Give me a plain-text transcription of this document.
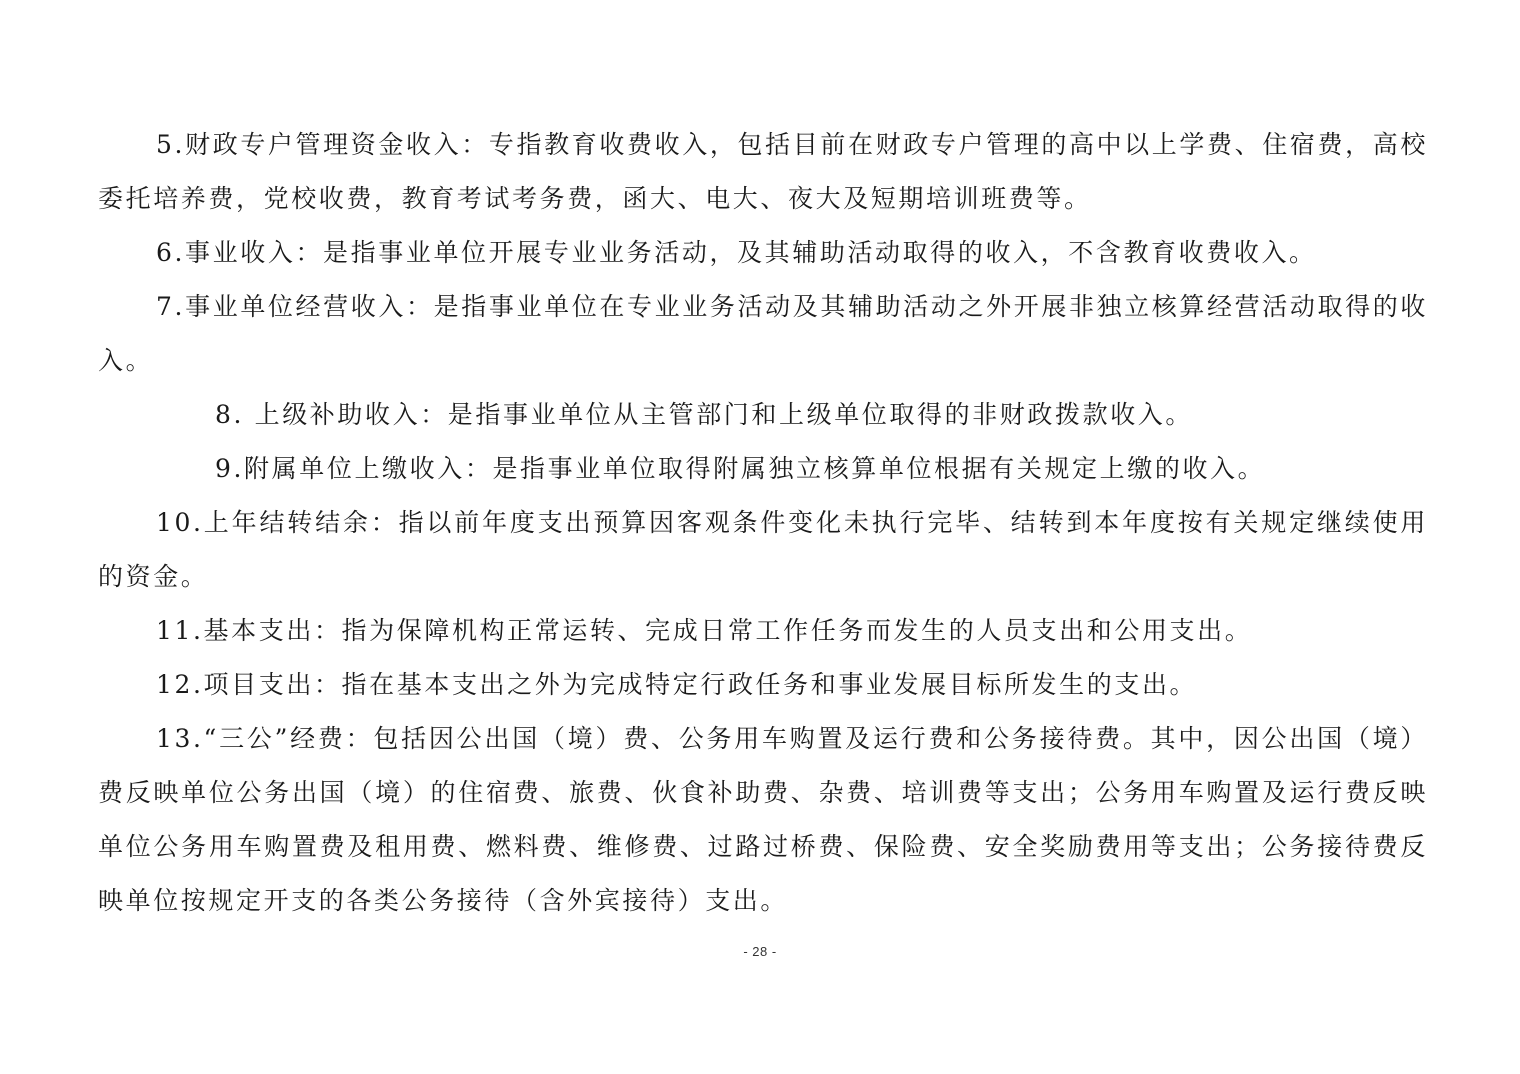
5.财政专户管理资金收入：专指教育收费收入，包括目前在财政专户管理的高中以上学费、住宿费，高校委托培养费，党校收费，教育考试考务费，函大、电大、夜大及短期培训班费等。

6.事业收入：是指事业单位开展专业业务活动，及其辅助活动取得的收入，不含教育收费收入。

7.事业单位经营收入：是指事业单位在专业业务活动及其辅助活动之外开展非独立核算经营活动取得的收入。

8. 上级补助收入：是指事业单位从主管部门和上级单位取得的非财政拨款收入。

9.附属单位上缴收入：是指事业单位取得附属独立核算单位根据有关规定上缴的收入。

10.上年结转结余：指以前年度支出预算因客观条件变化未执行完毕、结转到本年度按有关规定继续使用的资金。

11.基本支出：指为保障机构正常运转、完成日常工作任务而发生的人员支出和公用支出。

12.项目支出：指在基本支出之外为完成特定行政任务和事业发展目标所发生的支出。

13.“三公”经费：包括因公出国（境）费、公务用车购置及运行费和公务接待费。其中，因公出国（境）费反映单位公务出国（境）的住宿费、旅费、伙食补助费、杂费、培训费等支出；公务用车购置及运行费反映单位公务用车购置费及租用费、燃料费、维修费、过路过桥费、保险费、安全奖励费用等支出；公务接待费反映单位按规定开支的各类公务接待（含外宾接待）支出。

- 28 -
